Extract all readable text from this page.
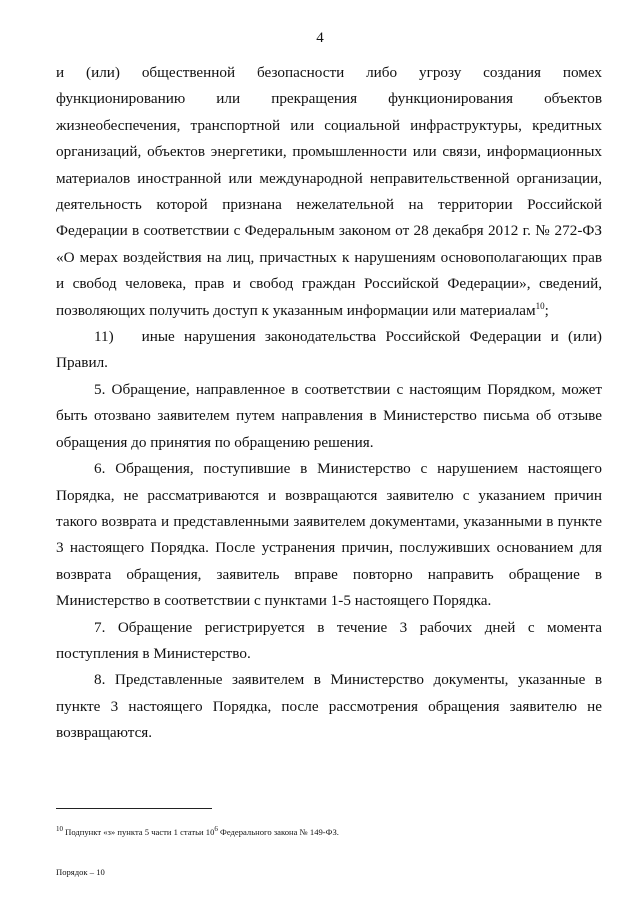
4

и (или) общественной безопасности либо угрозу создания помех функционированию или прекращения функционирования объектов жизнеобеспечения, транспортной или социальной инфраструктуры, кредитных организаций, объектов энергетики, промышленности или связи, информационных материалов иностранной или международной неправительственной организации, деятельность которой признана нежелательной на территории Российской Федерации в соответствии с Федеральным законом от 28 декабря 2012 г. № 272-ФЗ «О мерах воздействия на лиц, причастных к нарушениям основополагающих прав и свобод человека, прав и свобод граждан Российской Федерации», сведений, позволяющих получить доступ к указанным информации или материалам$^{10}$;

11)   иные нарушения законодательства Российской Федерации и (или) Правил.

5. Обращение, направленное в соответствии с настоящим Порядком, может быть отозвано заявителем путем направления в Министерство письма об отзыве обращения до принятия по обращению решения.

6. Обращения, поступившие в Министерство с нарушением настоящего Порядка, не рассматриваются и возвращаются заявителю с указанием причин такого возврата и представленными заявителем документами, указанными в пункте 3 настоящего Порядка. После устранения причин, послуживших основанием для возврата обращения, заявитель вправе повторно направить обращение в Министерство в соответствии с пунктами 1-5 настоящего Порядка.

7. Обращение регистрируется в течение 3 рабочих дней с момента поступления в Министерство.

8. Представленные заявителем в Министерство документы, указанные в пункте 3 настоящего Порядка, после рассмотрения обращения заявителю не возвращаются.

$^{10}$ Подпункт «з» пункта 5 части 1 статьи $10^6$ Федерального закона № 149-ФЗ.
Порядок – 10
